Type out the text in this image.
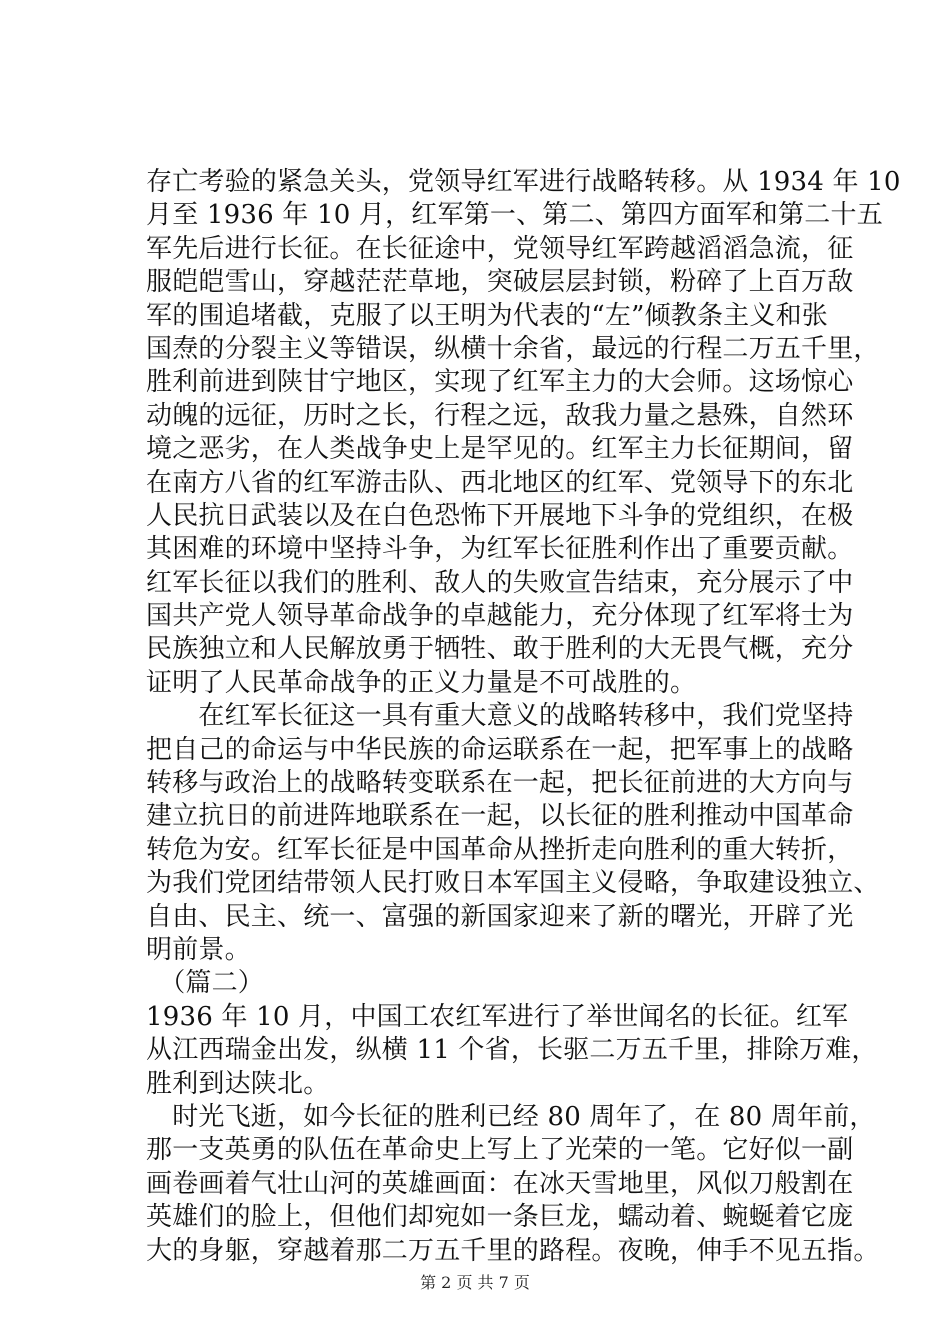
存亡考验的紧急关头，党领导红军进行战略转移。从 1934 年 10
月至 1936 年 10 月，红军第一、第二、第四方面军和第二十五
军先后进行长征。在长征途中，党领导红军跨越滔滔急流，征
服皑皑雪山，穿越茫茫草地，突破层层封锁，粉碎了上百万敌
军的围追堵截，克服了以王明为代表的“左”倾教条主义和张
国焘的分裂主义等错误，纵横十余省，最远的行程二万五千里，
胜利前进到陕甘宁地区，实现了红军主力的大会师。这场惊心
动魄的远征，历时之长，行程之远，敌我力量之悬殊，自然环
境之恶劣，在人类战争史上是罕见的。红军主力长征期间，留
在南方八省的红军游击队、西北地区的红军、党领导下的东北
人民抗日武装以及在白色恐怖下开展地下斗争的党组织，在极
其困难的环境中坚持斗争，为红军长征胜利作出了重要贡献。
红军长征以我们的胜利、敌人的失败宣告结束，充分展示了中
国共产党人领导革命战争的卓越能力，充分体现了红军将士为
民族独立和人民解放勇于牺牲、敢于胜利的大无畏气概，充分
证明了人民革命战争的正义力量是不可战胜的。
　　在红军长征这一具有重大意义的战略转移中，我们党坚持
把自己的命运与中华民族的命运联系在一起，把军事上的战略
转移与政治上的战略转变联系在一起，把长征前进的大方向与
建立抗日的前进阵地联系在一起，以长征的胜利推动中国革命
转危为安。红军长征是中国革命从挫折走向胜利的重大转折，
为我们党团结带领人民打败日本军国主义侵略，争取建设独立、
自由、民主、统一、富强的新国家迎来了新的曙光，开辟了光
明前景。
　（篇二）
1936 年 10 月，中国工农红军进行了举世闻名的长征。红军
从江西瑞金出发，纵横 11 个省，长驱二万五千里，排除万难，
胜利到达陕北。
　时光飞逝，如今长征的胜利已经 80 周年了，在 80 周年前，
那一支英勇的队伍在革命史上写上了光荣的一笔。它好似一副
画卷画着气壮山河的英雄画面：在冰天雪地里，风似刀般割在
英雄们的脸上，但他们却宛如一条巨龙，蠕动着、蜿蜒着它庞
大的身躯，穿越着那二万五千里的路程。夜晚，伸手不见五指。
第 2 页 共 7 页
